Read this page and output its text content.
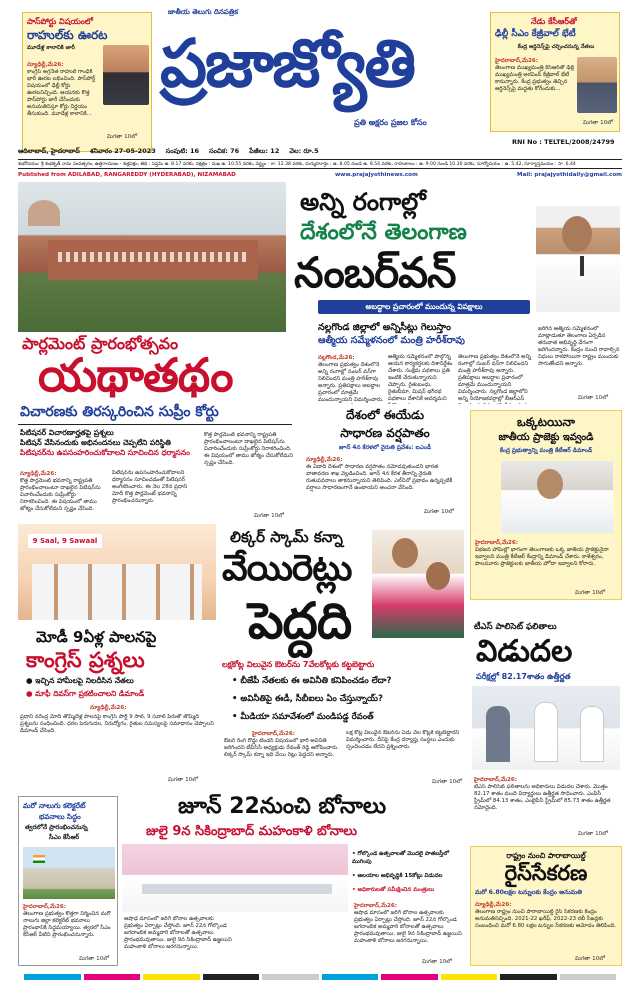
పాస్‌పోర్టు విషయంలో
రాహుల్‌కు ఊరట
మూడేళ్ల కాలానికి జారీ
న్యూఢిల్లీ,మే26:
కాంగ్రెస్ అగ్రనేత రాహుల్ గాంధీకి భారీ ఊరట లభించింది. పాస్‌పోర్ట్ విషయంలో ఢిల్లీ కోర్టు ఊరటనిచ్చింది. ఆయనకు కొత్త పాస్‌పోర్టు జారీ చేసేందుకు అనుమతినిస్తూ కోర్టు నిర్ణయం తీసుకుంది. మూడేళ్ల కాలానికి...
మిగతా 10లో
జాతీయ తెలుగు దినపత్రిక
ప్రజాజ్యోతి
ప్రతి అక్షరం ప్రజల కోసం
నేడు కేసీఆర్‌తో
ఢిల్లీ సీఎం కేజ్రీవాల్ భేటీ
కేంద్ర ఆర్డినెన్స్‌పై చర్చించనున్న నేతలు
హైదరాబాద్,మే26:
తెలంగాణ ముఖ్యమంత్రి కేసీఆర్‌తో ఢిల్లీ ముఖ్యమంత్రి అరవింద్ కేజ్రీవాల్ భేటీ కానున్నారు. కేంద్ర ప్రభుత్వం తెచ్చిన ఆర్డినెన్స్‌పై మద్దతు కోరేందుకు...
మిగతా 10లో
RNI No : TELTEL/2008/24799
ఆదిలాబాద్, హైదరాబాద్ శనివారం 27-05-2023 సంపుటి: 16 సంచిక: 76 పేజీలు: 12 వెల: రూ.5
శుభోదయం: శ్రీ శుభకృత్ నామ సంవత్సరం, ఉత్తరాయణం - శుక్లపక్షం, తిథి : సప్తమి ఉ. 8.17 వరకు, నక్షత్రం : మఖ ఉ. 10.55 వరకు, వర్జ్యం : రా. 12.38 వరకు, దుర్ముహూర్తం : ఉ. 8.05 నుండి ఉ. 8.54 వరకు, రాహుకాలం : ఉ. 9.00 నుండి 10.30 వరకు, సూర్యోదయం : ఉ. 5.42, సూర్యాస్తమయం : సా. 6.44
Published from ADILABAD, RANGAREDDY (HYDERABAD), NIZAMABAD	www.prajajyothinews.com	Mail: prajajyothidaily@gmail.com
అన్ని రంగాల్లో
దేశంలోనే తెలంగాణ
నంబర్‌వన్
అబద్ధాల ప్రచారంలో ముందున్న విపక్షాలు
నల్లగొండ జిల్లాలో అన్నిసీట్లు గెలుస్తాం
ఆత్మీయ సమ్మేళనంలో మంత్రి హరీశ్‌రావు
నల్లగొండ,మే26:
తెలంగాణ ప్రభుత్వం దేశంలోనే అన్ని రంగాల్లో నంబర్ వన్‌గా నిలిచిందని మంత్రి హరీశ్‌రావు అన్నారు. ప్రతిపక్షాలు అబద్ధాల ప్రచారంలో మాత్రమే ముందున్నాయని విమర్శించారు.
ఆత్మీయ సమ్మేళనంలో పాల్గొన్న ఆయన కార్యకర్తలకు దిశానిర్దేశం చేశారు. సంక్షేమ పథకాలు ప్రతి ఇంటికి చేరుతున్నాయని చెప్పారు. రైతుబంధు, రైతుబీమా, మిషన్ భగీరథ పథకాలు దేశానికే ఆదర్శమని
జరిగిన ఆత్మీయ సమ్మేళనంలో మాట్లాడుతూ తెలంగాణ ఏర్పడిన తరువాత అభివృద్ధి వేగంగా జరిగిందన్నారు. కేంద్రం నుంచి రావాల్సిన నిధులు రాకపోయినా రాష్ట్రం ముందుకు సాగుతోందని అన్నారు.
తెలంగాణ ప్రభుత్వం దేశంలోనే అన్ని రంగాల్లో నంబర్ వన్‌గా నిలిచిందని మంత్రి హరీశ్‌రావు అన్నారు. ప్రతిపక్షాలు అబద్ధాల ప్రచారంలో మాత్రమే ముందున్నాయని విమర్శించారు. నల్లగొండ జిల్లాలోని అన్ని నియోజకవర్గాల్లో బీఆర్ఎస్	మిగతా 10లో
పార్లమెంట్ ప్రారంభోత్సవం
యథాతథం
విచారణకు తిరస్కరించిన సుప్రీం కోర్టు
పిటిషనర్ విచారణార్హతపై ప్రశ్నలు
పిటిషన్ వేసినందుకు అభినందనలు చెప్పలేని పరిస్థితి
పిటిషనర్‌ను ఉపసంహరించుకోవాలని సూచించిన ధర్మాసనం
న్యూఢిల్లీ,మే26:
కొత్త పార్లమెంట్ భవనాన్ని రాష్ట్రపతి ప్రారంభించాలంటూ దాఖలైన పిటిషన్‌ను విచారించేందుకు సుప్రీంకోర్టు నిరాకరించింది. ఈ విషయంలో తాము జోక్యం చేసుకోలేమని స్పష్టం చేసింది.
పిటిషన్‌ను ఉపసంహరించుకోవాలని ధర్మాసనం సూచించడంతో పిటిషనర్ అంగీకరించారు. ఈ నెల 28న ప్రధాని మోదీ కొత్త పార్లమెంట్ భవనాన్ని ప్రారంభించనున్నారు.
కొత్త పార్లమెంట్ భవనాన్ని రాష్ట్రపతి ప్రారంభించాలంటూ దాఖలైన పిటిషన్‌ను విచారించేందుకు సుప్రీంకోర్టు నిరాకరించింది. ఈ విషయంలో తాము జోక్యం చేసుకోలేమని స్పష్టం చేసింది.
మిగతా 10లో
దేశంలో ఈయేడు
సాధారణ వర్షపాతం
జూన్ 4న కేరళలో నైరుతి ప్రవేశం: ఐఎండీ
న్యూఢిల్లీ,మే26:
ఈ ఏడాది దేశంలో సాధారణ వర్షపాతం నమోదవుతుందని భారత వాతావరణ శాఖ వెల్లడించింది. జూన్ 4న కేరళ తీరాన్ని నైరుతి రుతుపవనాలు తాకనున్నాయని తెలిపింది. ఎల్‌నినో ప్రభావం ఉన్నప్పటికీ వర్షాలు సాధారణంగానే ఉంటాయని అంచనా వేసింది.
మిగతా 10లో
ఒక్కటయినా
జాతీయ ప్రాజెక్టు ఇవ్వండి
కేంద్ర ప్రభుత్వాన్ని మంత్రి కేటీఆర్ డిమాండ్
హైదరాబాద్,మే26:
విభజన హామీల్లో భాగంగా తెలంగాణకు ఒక్క జాతీయ ప్రాజెక్టునైనా ఇవ్వాలని మంత్రి కేటీఆర్ కేంద్రాన్ని డిమాండ్ చేశారు. కాళేశ్వరం, పాలమూరు ప్రాజెక్టులకు జాతీయ హోదా ఇవ్వాలని కోరారు.
మిగతా 10లో
9 Saal, 9 Sawaal
మోడీ 9ఏళ్ల పాలనపై
కాంగ్రెస్ ప్రశ్నలు
● ఇచ్చిన హామీలపై నిలదీసిన నేతలు
● మాఫీ దివస్‌గా ప్రకటించాలని డిమాండ్
న్యూఢిల్లీ,మే26:
ప్రధాని నరేంద్ర మోదీ తొమ్మిదేళ్ల పాలనపై కాంగ్రెస్ పార్టీ 9 సాల్, 9 సవాల్ పేరుతో తొమ్మిది ప్రశ్నలను సంధించింది. ధరల పెరుగుదల, నిరుద్యోగం, రైతుల సమస్యలపై సమాధానం చెప్పాలని డిమాండ్ చేసింది.
మిగతా 10లో
లిక్కర్ స్కామ్ కన్నా
వేయిరెట్లు
పెద్దది
లక్షకోట్ల విలువైన ఔటర్‌ను 7వేలకోట్లకు కట్టబెట్టారు
• బీజేపీ నేతలకు ఈ అవినీతి కనిపించడం లేదా?
• అవినీతిపై ఈడీ, సీబీఐలు ఏం చేస్తున్నాయ్?
• మీడియా సమావేశంలో మండిపడ్డ రేవంత్
హైదరాబాద్,మే26:
ఔటర్ రింగ్ రోడ్డు టెండర్ విషయంలో భారీ అవినీతి జరిగిందని టీపీసీసీ అధ్యక్షుడు రేవంత్ రెడ్డి ఆరోపించారు. లిక్కర్ స్కామ్ కన్నా ఇది వేయి రెట్లు పెద్దదని అన్నారు.
లక్ష కోట్ల విలువైన ఔటర్‌ను ఏడు వేల కోట్లకే కట్టబెట్టారని విమర్శించారు. దీనిపై కేంద్ర దర్యాప్తు సంస్థలు ఎందుకు స్పందించడం లేదని ప్రశ్నించారు.
మిగతా 10లో
టీఎస్ పాలిసెట్ ఫలితాలు
విడుదల
పరీక్షల్లో 82.17శాతం ఉత్తీర్ణత
హైదరాబాద్,మే26:
టీఎస్ పాలిసెట్ ఫలితాలను అధికారులు విడుదల చేశారు. మొత్తం 82.17 శాతం మంది విద్యార్థులు ఉత్తీర్ణత సాధించారు. ఎంపీసీ స్ట్రీమ్‌లో 84.13 శాతం, ఎంబైపీసీ స్ట్రీమ్‌లో 85.73 శాతం ఉత్తీర్ణత నమోదైంది.
మిగతా 10లో
మరో నాలుగు కలెక్టరేట్
భవనాలు సిద్ధం
త్వరలోనే ప్రారంభించనున్న
సీఎం కేసీఆర్
హైదరాబాద్,మే26:
తెలంగాణ ప్రభుత్వం కొత్తగా నిర్మించిన మరో నాలుగు జిల్లా కలెక్టరేట్ భవనాలు ప్రారంభానికి సిద్ధమయ్యాయి. త్వరలో సీఎం కేసీఆర్ వీటిని ప్రారంభించనున్నారు.
మిగతా 10లో
జూన్ 22నుంచి బోనాలు
జులై 9న సికింద్రాబాద్ మహంకాళి బోనాలు
• గోల్కొండ ఉత్సవాలతో మొదలై పాతబస్తీలో ముగింపు
• ఆలయాల అభివృద్ధికి 15కోట్లు విడుదల
• అధికారులతో సమీక్షించిన మంత్రులు
హైదరాబాద్,మే26:
ఆషాఢ మాసంలో జరిగే బోనాల ఉత్సవాలకు ప్రభుత్వం ఏర్పాట్లు చేస్తోంది. జూన్ 22న గోల్కొండ జగదాంబిక అమ్మవారి బోనాలతో ఉత్సవాలు ప్రారంభమవుతాయి. జులై 9న సికింద్రాబాద్ ఉజ్జయిని మహంకాళి బోనాలు జరగనున్నాయి.
ఆషాఢ మాసంలో జరిగే బోనాల ఉత్సవాలకు ప్రభుత్వం ఏర్పాట్లు చేస్తోంది. జూన్ 22న గోల్కొండ జగదాంబిక అమ్మవారి బోనాలతో ఉత్సవాలు ప్రారంభమవుతాయి. జులై 9న సికింద్రాబాద్ ఉజ్జయిని మహంకాళి బోనాలు జరగనున్నాయి.
మిగతా 10లో
రాష్ట్రం నుంచి పారాబాయిల్డ్
రైస్‌సేకరణ
మరో 6.80లక్షల టన్నులకు కేంద్రం అనుమతి
న్యూఢిల్లీ,మే26:
తెలంగాణ రాష్ట్రం నుంచి పారాబాయిల్డ్ రైస్ సేకరణకు కేంద్రం అనుమతినిచ్చింది. 2021-22 ఖరీఫ్, 2022-23 రబీ సీజన్లకు సంబంధించి మరో 6.80 లక్షల టన్నుల సేకరణకు ఆమోదం తెలిపింది.
మిగతా 10లో
